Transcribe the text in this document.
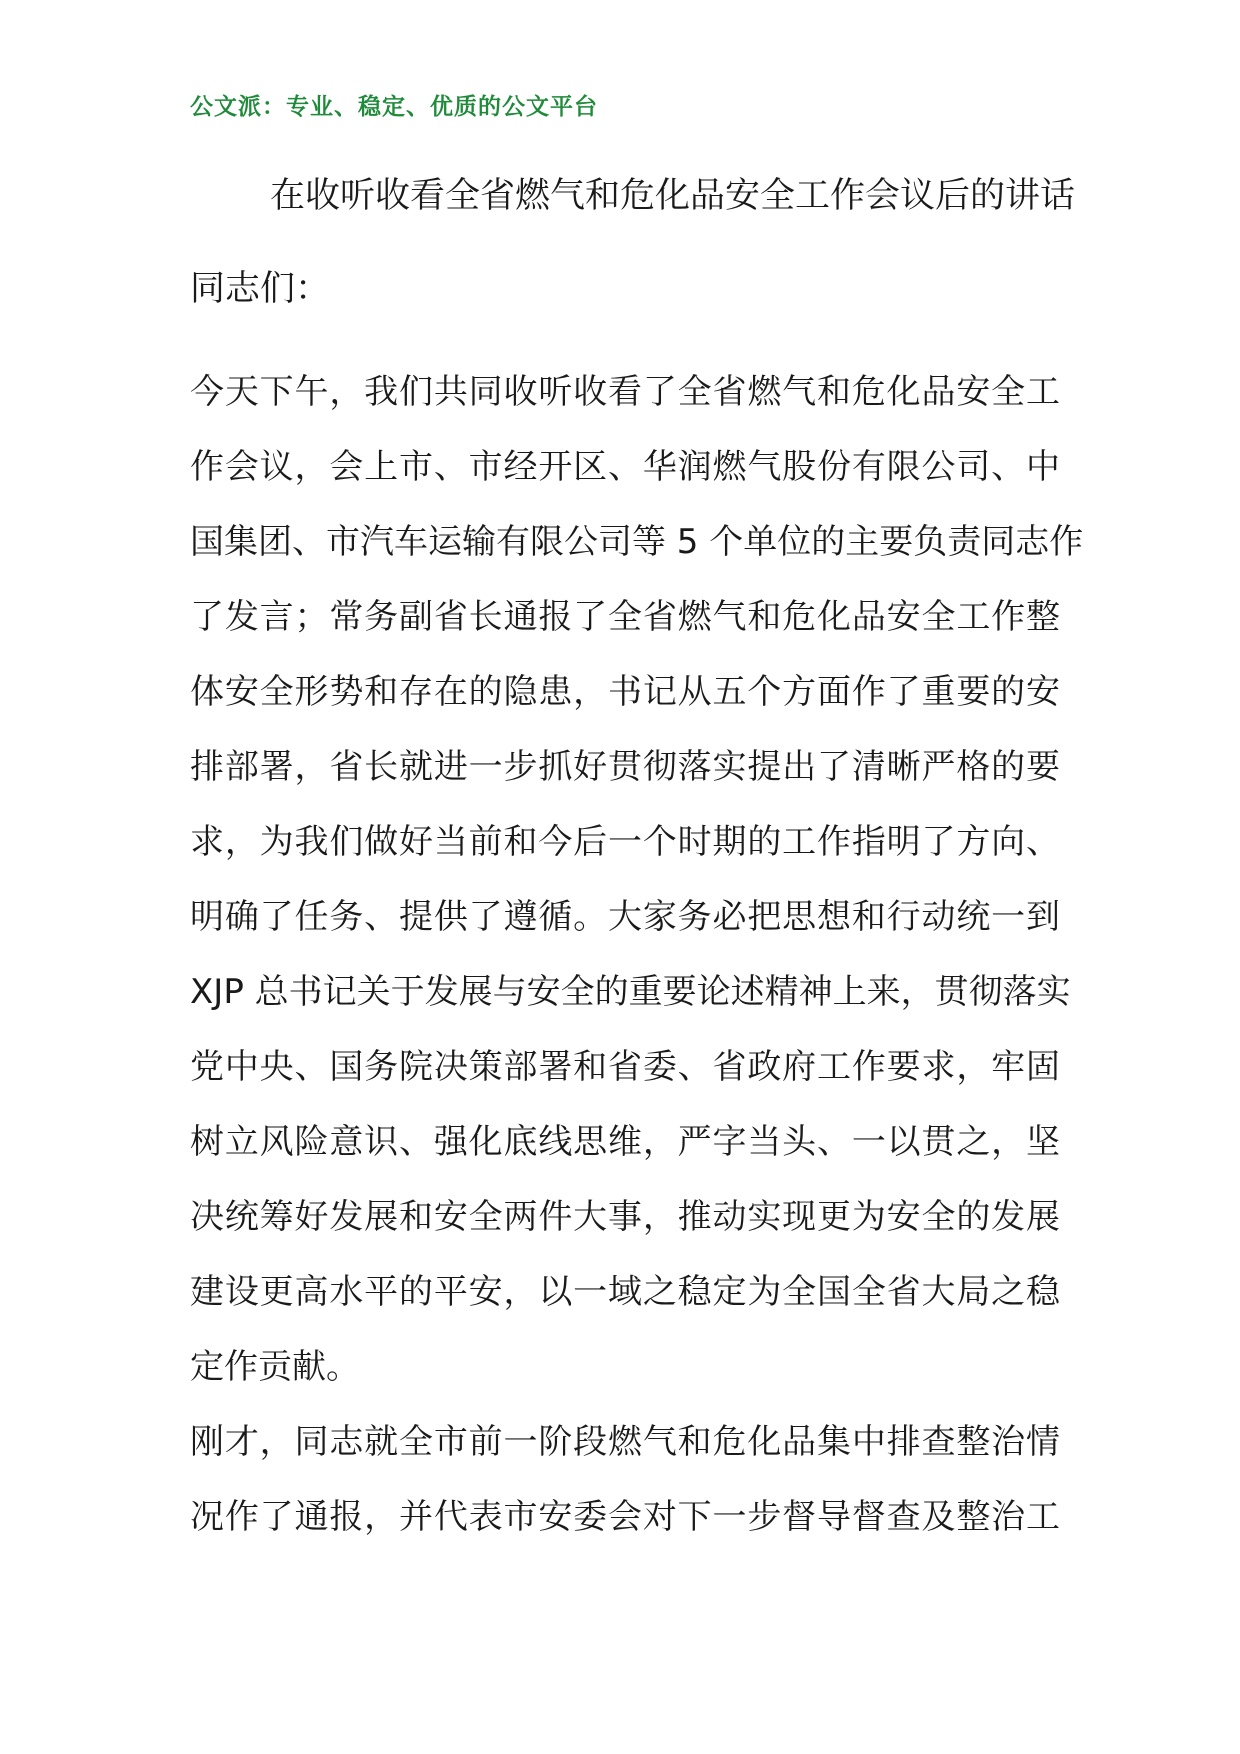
公文派：专业、稳定、优质的公文平台
在收听收看全省燃气和危化品安全工作会议后的讲话
同志们：
今天下午，我们共同收听收看了全省燃气和危化品安全工
作会议，会上市、市经开区、华润燃气股份有限公司、中
国集团、市汽车运输有限公司等 5 个单位的主要负责同志作
了发言；常务副省长通报了全省燃气和危化品安全工作整
体安全形势和存在的隐患，书记从五个方面作了重要的安
排部署，省长就进一步抓好贯彻落实提出了清晰严格的要
求，为我们做好当前和今后一个时期的工作指明了方向、
明确了任务、提供了遵循。大家务必把思想和行动统一到
XJP 总书记关于发展与安全的重要论述精神上来，贯彻落实
党中央、国务院决策部署和省委、省政府工作要求，牢固
树立风险意识、强化底线思维，严字当头、一以贯之，坚
决统筹好发展和安全两件大事，推动实现更为安全的发展
建设更高水平的平安，以一域之稳定为全国全省大局之稳
定作贡献。
刚才，同志就全市前一阶段燃气和危化品集中排查整治情
况作了通报，并代表市安委会对下一步督导督查及整治工
